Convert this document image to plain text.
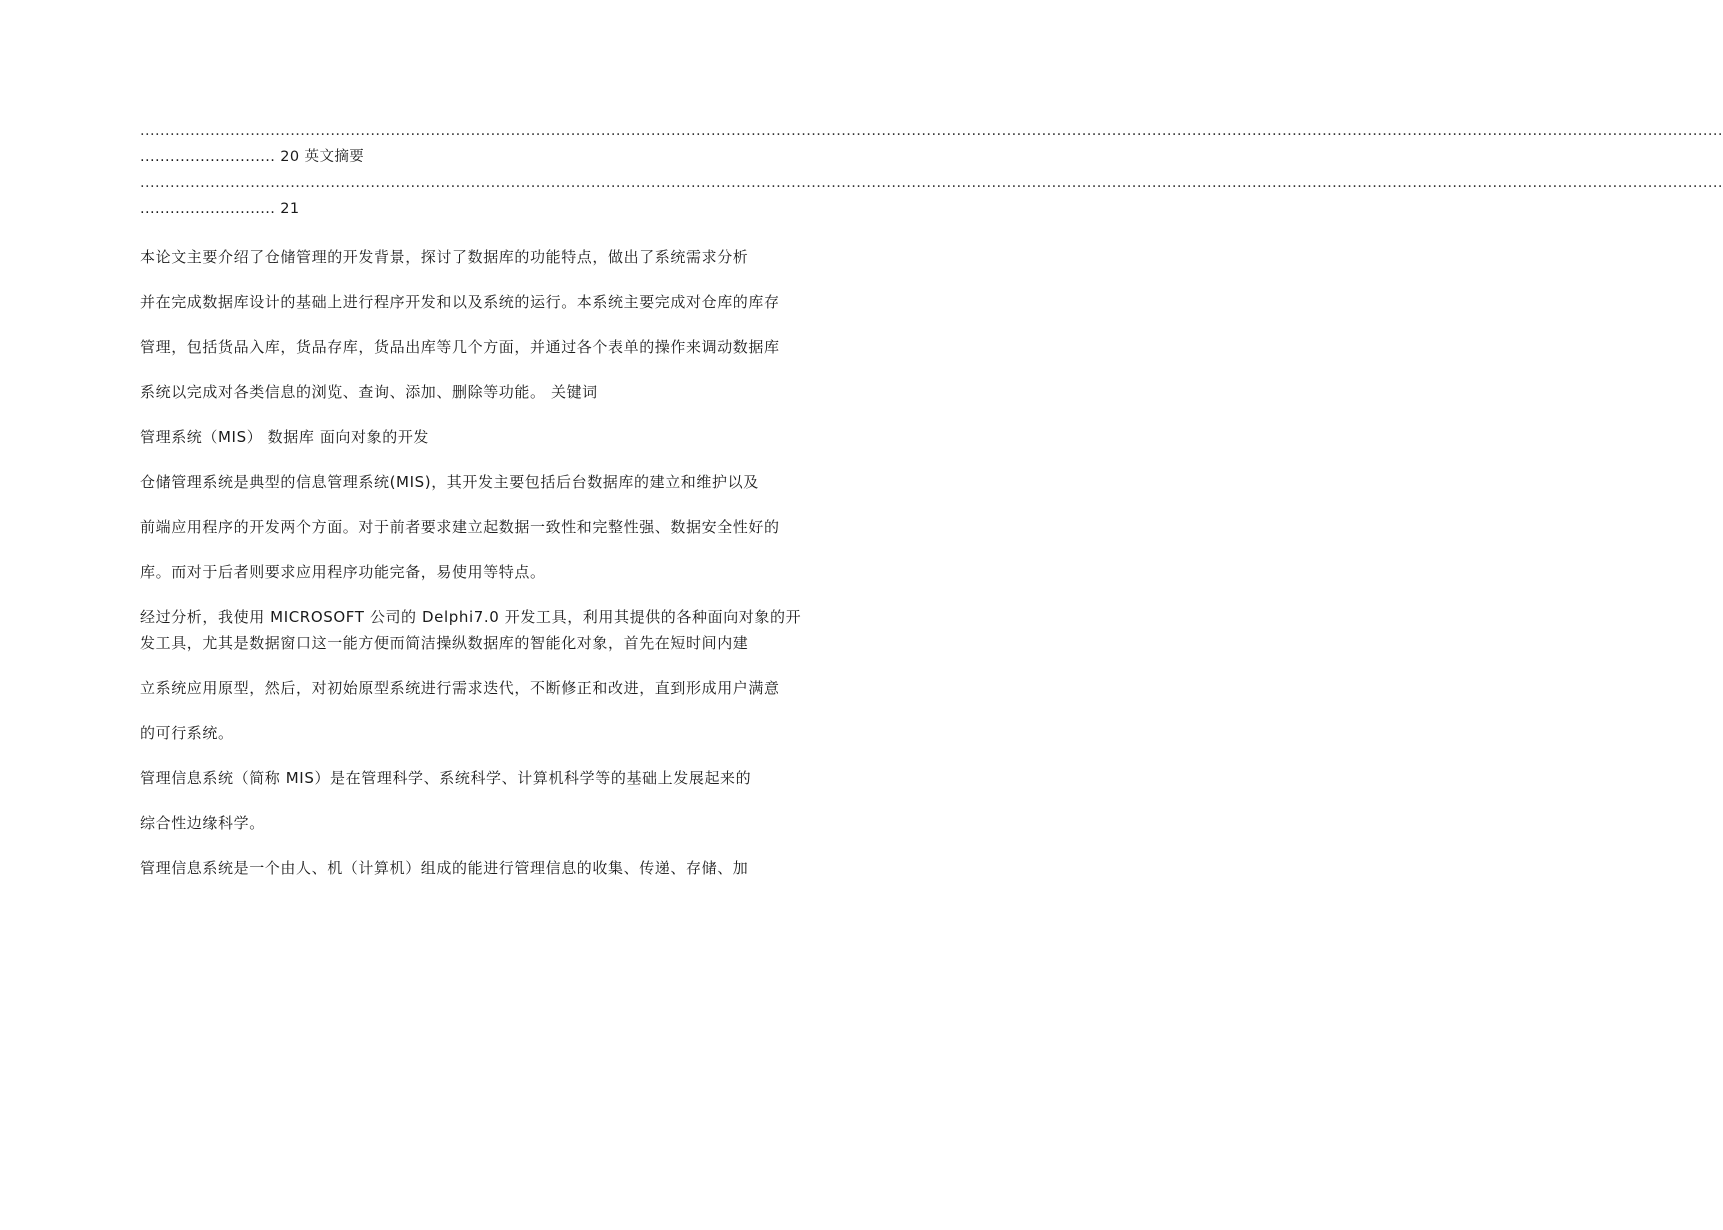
............................................................................................................................................................................................................................................................................................................................
........................... 20 英文摘要
............................................................................................................................................................................................................................................................................................................................
........................... 21

本论文主要介绍了仓储管理的开发背景，探讨了数据库的功能特点，做出了系统需求分析

并在完成数据库设计的基础上进行程序开发和以及系统的运行。本系统主要完成对仓库的库存

管理，包括货品入库，货品存库，货品出库等几个方面，并通过各个表单的操作来调动数据库

系统以完成对各类信息的浏览、查询、添加、删除等功能。 关键词

管理系统（MIS） 数据库 面向对象的开发

仓储管理系统是典型的信息管理系统(MIS)，其开发主要包括后台数据库的建立和维护以及

前端应用程序的开发两个方面。对于前者要求建立起数据一致性和完整性强、数据安全性好的

库。而对于后者则要求应用程序功能完备，易使用等特点。

经过分析，我使用 MICROSOFT 公司的 Delphi7.0 开发工具，利用其提供的各种面向对象的开发工具，尤其是数据窗口这一能方便而简洁操纵数据库的智能化对象，首先在短时间内建

立系统应用原型，然后，对初始原型系统进行需求迭代，不断修正和改进，直到形成用户满意

的可行系统。

管理信息系统（简称 MIS）是在管理科学、系统科学、计算机科学等的基础上发展起来的

综合性边缘科学。

管理信息系统是一个由人、机（计算机）组成的能进行管理信息的收集、传递、存储、加
